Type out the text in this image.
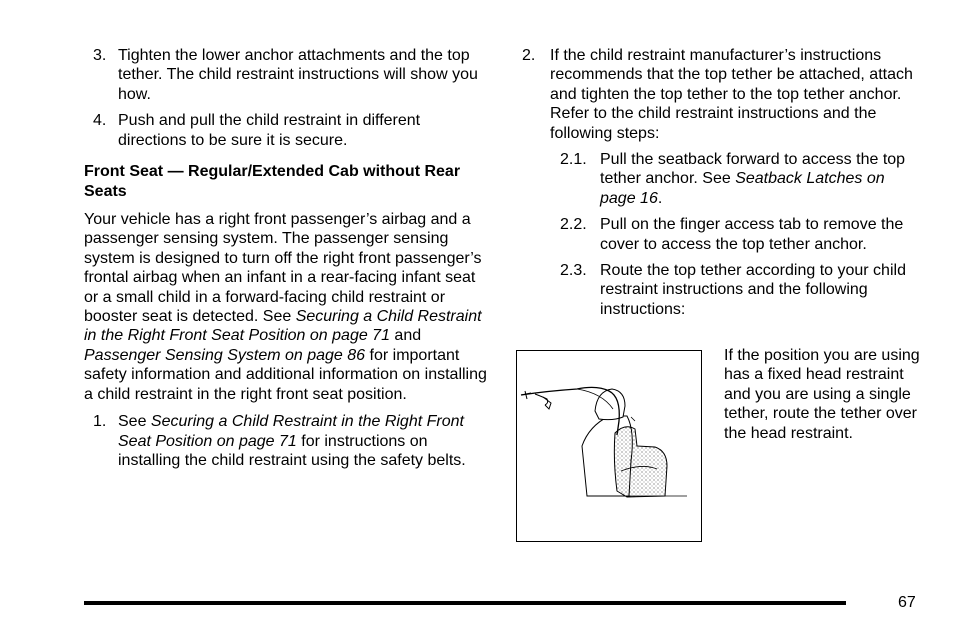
3. Tighten the lower anchor attachments and the top tether. The child restraint instructions will show you how.
4. Push and pull the child restraint in different directions to be sure it is secure.

Front Seat — Regular/Extended Cab without Rear Seats

Your vehicle has a right front passenger’s airbag and a passenger sensing system. The passenger sensing system is designed to turn off the right front passenger’s frontal airbag when an infant in a rear-facing infant seat or a small child in a forward-facing child restraint or booster seat is detected. See Securing a Child Restraint in the Right Front Seat Position on page 71 and Passenger Sensing System on page 86 for important safety information and additional information on installing a child restraint in the right front seat position.

1. See Securing a Child Restraint in the Right Front Seat Position on page 71 for instructions on installing the child restraint using the safety belts.
2. If the child restraint manufacturer’s instructions recommends that the top tether be attached, attach and tighten the top tether to the top tether anchor. Refer to the child restraint instructions and the following steps:
2.1. Pull the seatback forward to access the top tether anchor. See Seatback Latches on page 16.
2.2. Pull on the finger access tab to remove the cover to access the top tether anchor.
2.3. Route the top tether according to your child restraint instructions and the following instructions:

If the position you are using has a fixed head restraint and you are using a single tether, route the tether over the head restraint.

67
